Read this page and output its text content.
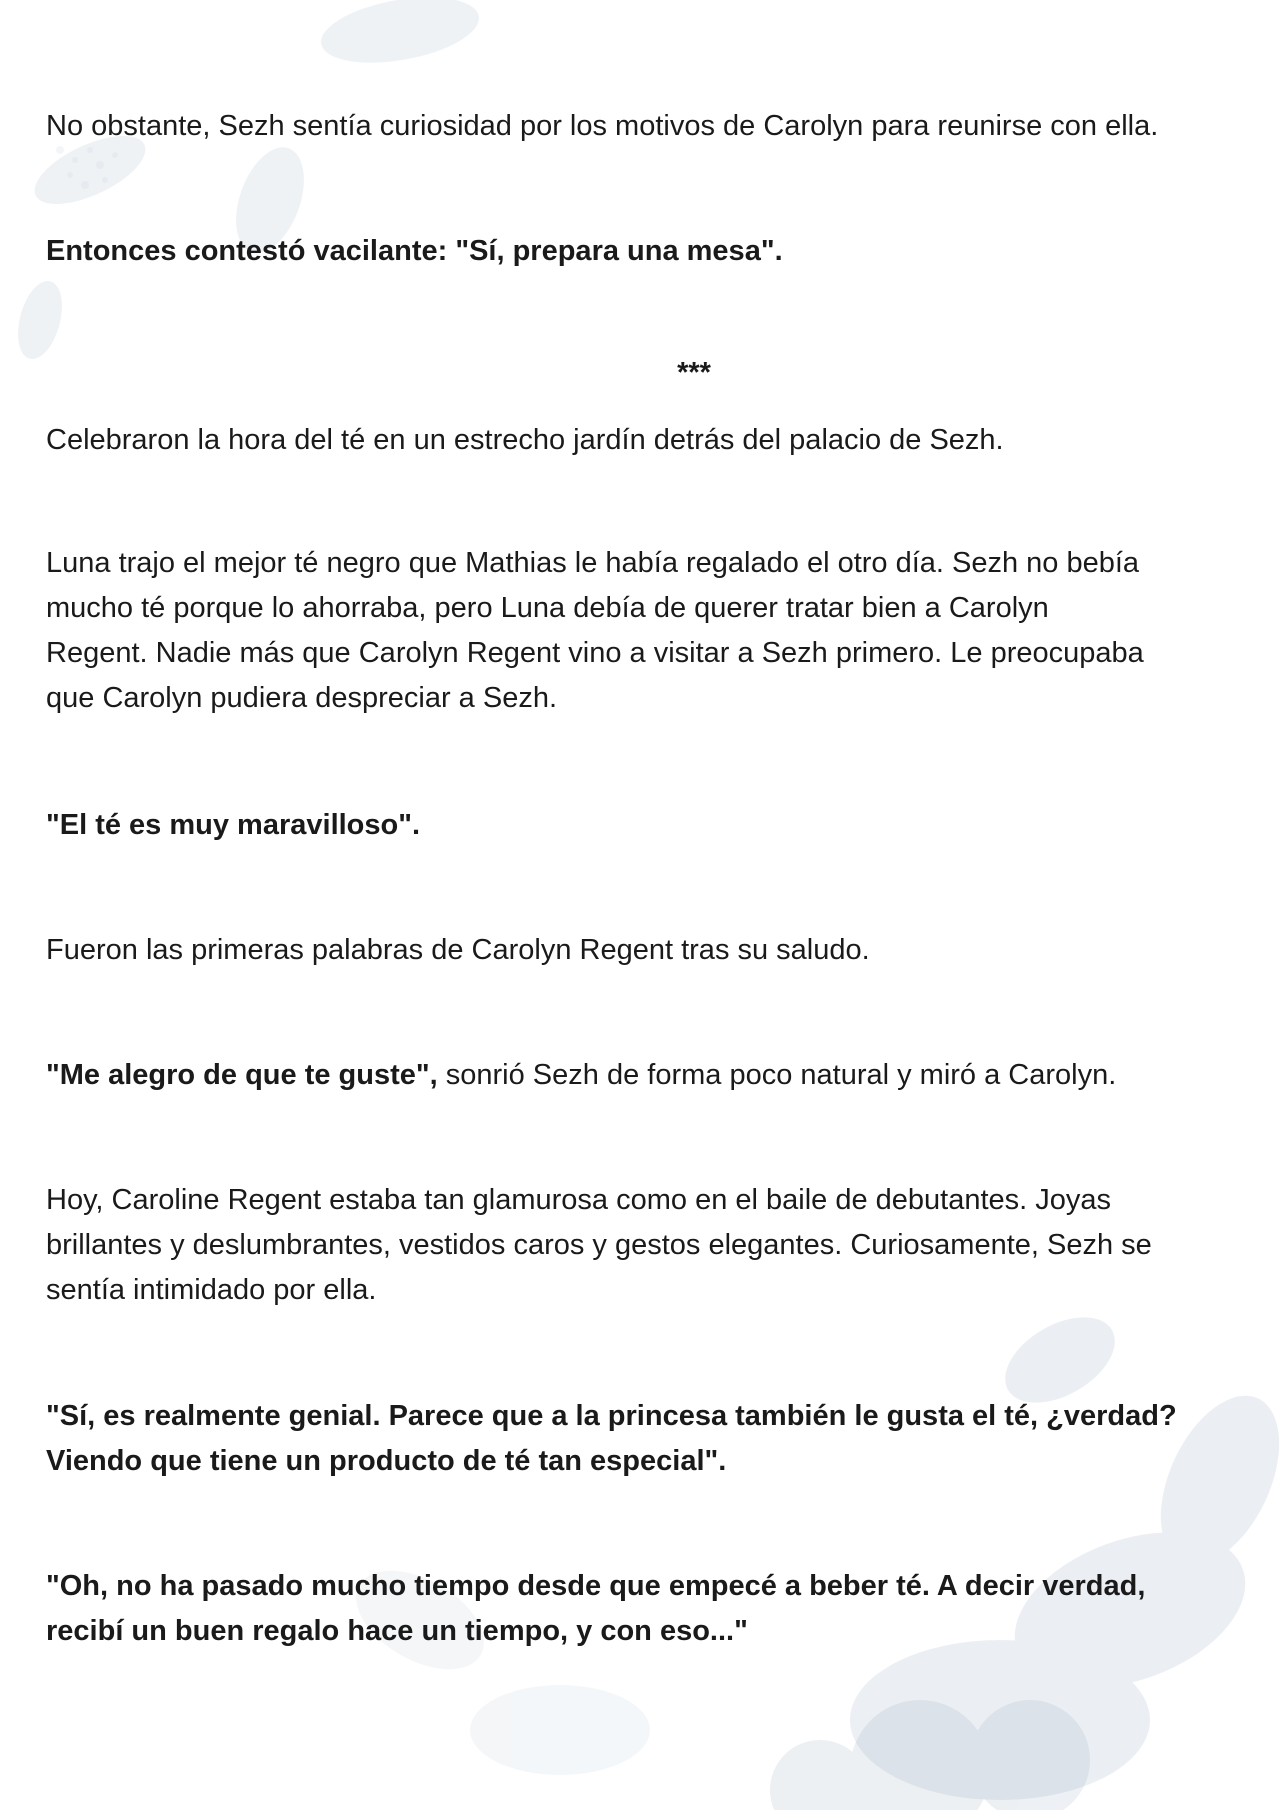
No obstante, Sezh sentía curiosidad por los motivos de Carolyn para reunirse con ella.

Entonces contestó vacilante: "Sí, prepara una mesa".

***

Celebraron la hora del té en un estrecho jardín detrás del palacio de Sezh.

Luna trajo el mejor té negro que Mathias le había regalado el otro día. Sezh no bebía
mucho té porque lo ahorraba, pero Luna debía de querer tratar bien a Carolyn
Regent. Nadie más que Carolyn Regent vino a visitar a Sezh primero. Le preocupaba
que Carolyn pudiera despreciar a Sezh.

"El té es muy maravilloso".

Fueron las primeras palabras de Carolyn Regent tras su saludo.

"Me alegro de que te guste", sonrió Sezh de forma poco natural y miró a Carolyn.

Hoy, Caroline Regent estaba tan glamurosa como en el baile de debutantes. Joyas
brillantes y deslumbrantes, vestidos caros y gestos elegantes. Curiosamente, Sezh se
sentía intimidado por ella.
"Sí, es realmente genial. Parece que a la princesa también le gusta el té, ¿verdad?
Viendo que tiene un producto de té tan especial".
"Oh, no ha pasado mucho tiempo desde que empecé a beber té. A decir verdad,
recibí un buen regalo hace un tiempo, y con eso..."
